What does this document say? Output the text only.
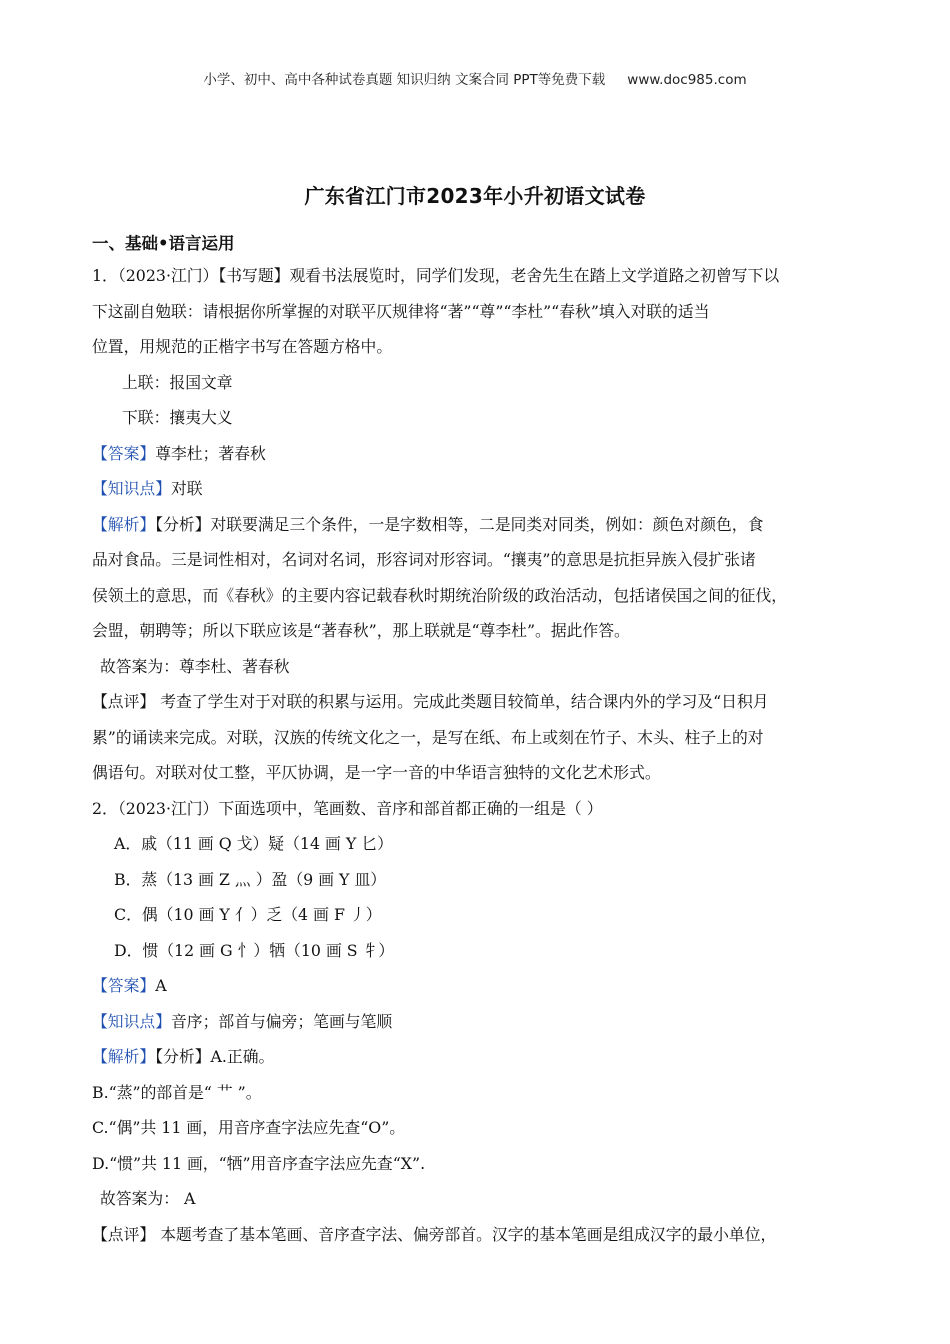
小学、初中、高中各种试卷真题 知识归纳 文案合同 PPT等免费下载 www.doc985.com
广东省江门市2023年小升初语文试卷
一、基础•语言运用
1．（2023·江门）【书写题】观看书法展览时，同学们发现，老舍先生在踏上文学道路之初曾写下以
下这副自勉联：请根据你所掌握的对联平仄规律将“著”“尊”“李杜”“春秋”填入对联的适当
位置，用规范的正楷字书写在答题方格中。
上联：报国文章
下联：攘夷大义
【答案】尊李杜；著春秋
【知识点】对联
【解析】【分析】对联要满足三个条件，一是字数相等，二是同类对同类，例如：颜色对颜色，食
品对食品。三是词性相对，名词对名词，形容词对形容词。“攘夷”的意思是抗拒异族入侵扩张诸
侯领土的意思，而《春秋》的主要内容记载春秋时期统治阶级的政治活动，包括诸侯国之间的征伐，
会盟，朝聘等；所以下联应该是“著春秋”，那上联就是“尊李杜”。据此作答。
故答案为：尊李杜、著春秋
【点评】 考查了学生对于对联的积累与运用。完成此类题目较简单，结合课内外的学习及“日积月
累”的诵读来完成。对联，汉族的传统文化之一，是写在纸、布上或刻在竹子、木头、柱子上的对
偶语句。对联对仗工整，平仄协调，是一字一音的中华语言独特的文化艺术形式。
2．（2023·江门）下面选项中，笔画数、音序和部首都正确的一组是（ ）
A．戚（11 画 Q 戈）疑（14 画 Y 匕）
B．蒸（13 画 Z 灬 ）盈（9 画 Y 皿）
C．偶（10 画 Y 亻）乏（4 画 F 丿）
D．惯（12 画 G 忄）牺（10 画 S 牜）
【答案】A
【知识点】音序；部首与偏旁；笔画与笔顺
【解析】【分析】A.正确。
B.“蒸”的部首是“ 艹 ”。
C.“偶”共 11 画，用音序查字法应先查“O”。
D.“惯”共 11 画，“牺”用音序查字法应先查“X”.
故答案为： A
【点评】 本题考查了基本笔画、音序查字法、偏旁部首。汉字的基本笔画是组成汉字的最小单位，
